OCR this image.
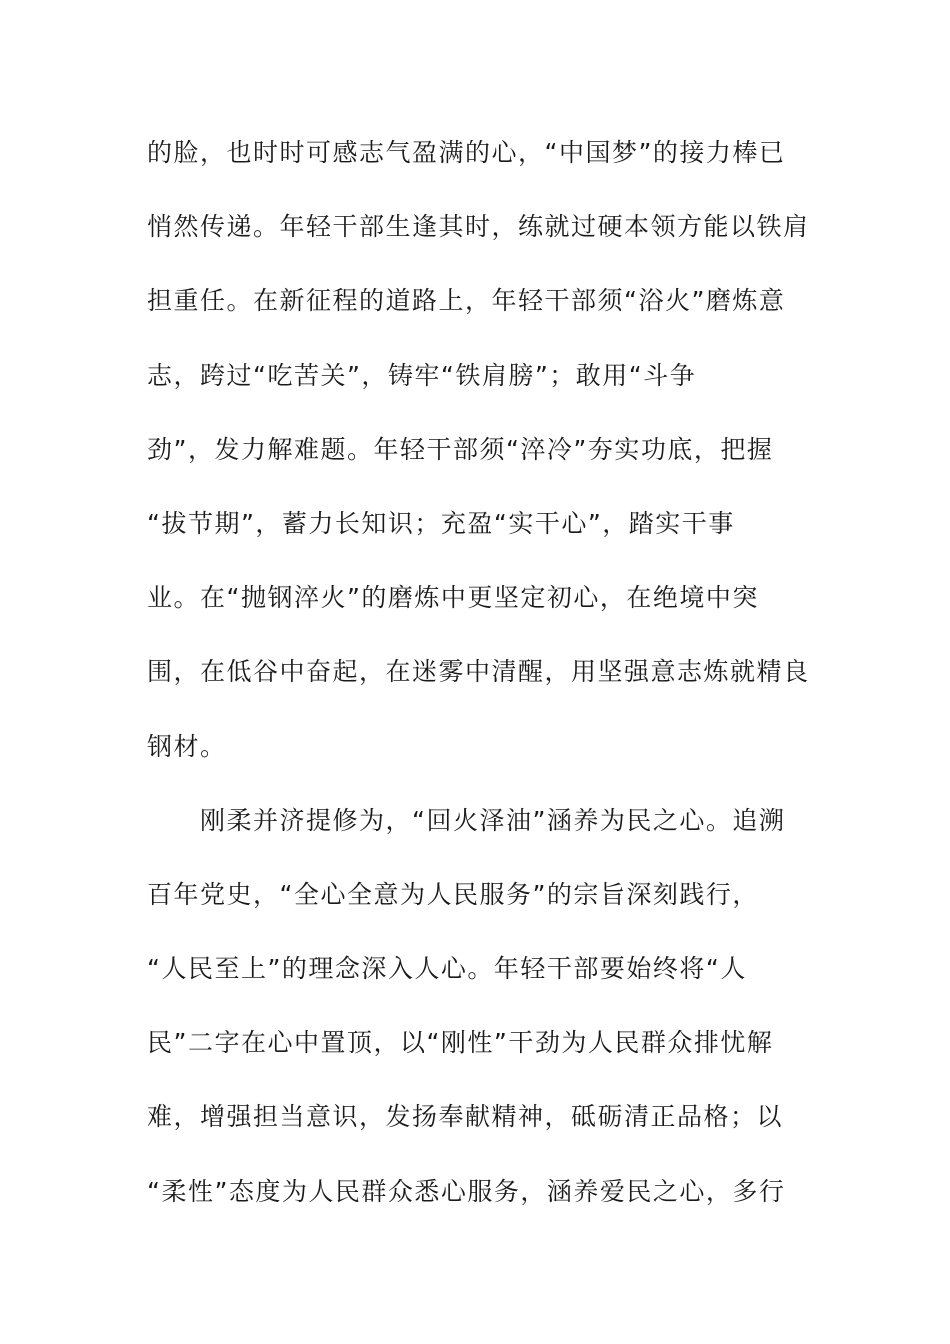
的脸，也时时可感志气盈满的心，“中国梦”的接力棒已
悄然传递。年轻干部生逢其时，练就过硬本领方能以铁肩
担重任。在新征程的道路上，年轻干部须“浴火”磨炼意
志，跨过“吃苦关”，铸牢“铁肩膀”；敢用“斗争
劲”，发力解难题。年轻干部须“淬冷”夯实功底，把握
“拔节期”，蓄力长知识；充盈“实干心”，踏实干事
业。在“抛钢淬火”的磨炼中更坚定初心，在绝境中突
围，在低谷中奋起，在迷雾中清醒，用坚强意志炼就精良
钢材。
　　刚柔并济提修为，“回火泽油”涵养为民之心。追溯
百年党史，“全心全意为人民服务”的宗旨深刻践行，
“人民至上”的理念深入人心。年轻干部要始终将“人
民”二字在心中置顶，以“刚性”干劲为人民群众排忧解
难，增强担当意识，发扬奉献精神，砥砺清正品格；以
“柔性”态度为人民群众悉心服务，涵养爱民之心，多行
